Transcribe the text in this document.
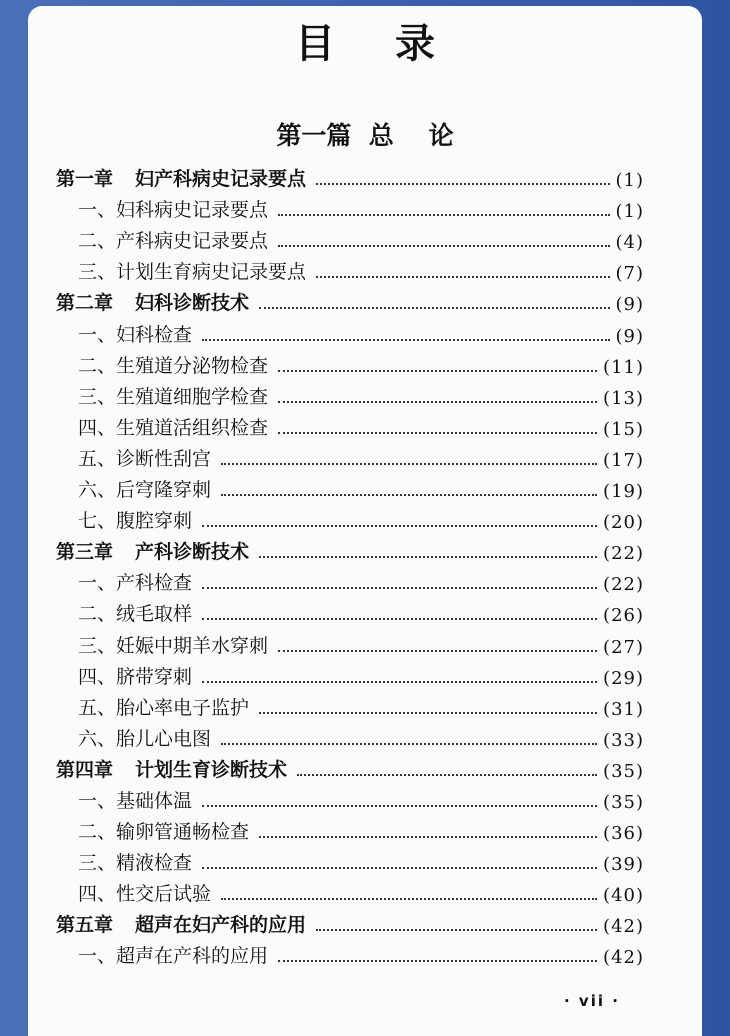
目录
第一篇  总    论
第一章 妇产科病史记录要点	(1)
一、妇科病史记录要点	(1)
二、产科病史记录要点	(4)
三、计划生育病史记录要点	(7)
第二章 妇科诊断技术	(9)
一、妇科检查	(9)
二、生殖道分泌物检查	(11)
三、生殖道细胞学检查	(13)
四、生殖道活组织检查	(15)
五、诊断性刮宫	(17)
六、后穹隆穿刺	(19)
七、腹腔穿刺	(20)
第三章 产科诊断技术	(22)
一、产科检查	(22)
二、绒毛取样	(26)
三、妊娠中期羊水穿刺	(27)
四、脐带穿刺	(29)
五、胎心率电子监护	(31)
六、胎儿心电图	(33)
第四章 计划生育诊断技术	(35)
一、基础体温	(35)
二、输卵管通畅检查	(36)
三、精液检查	(39)
四、性交后试验	(40)
第五章 超声在妇产科的应用	(42)
一、超声在产科的应用	(42)
· vii ·
